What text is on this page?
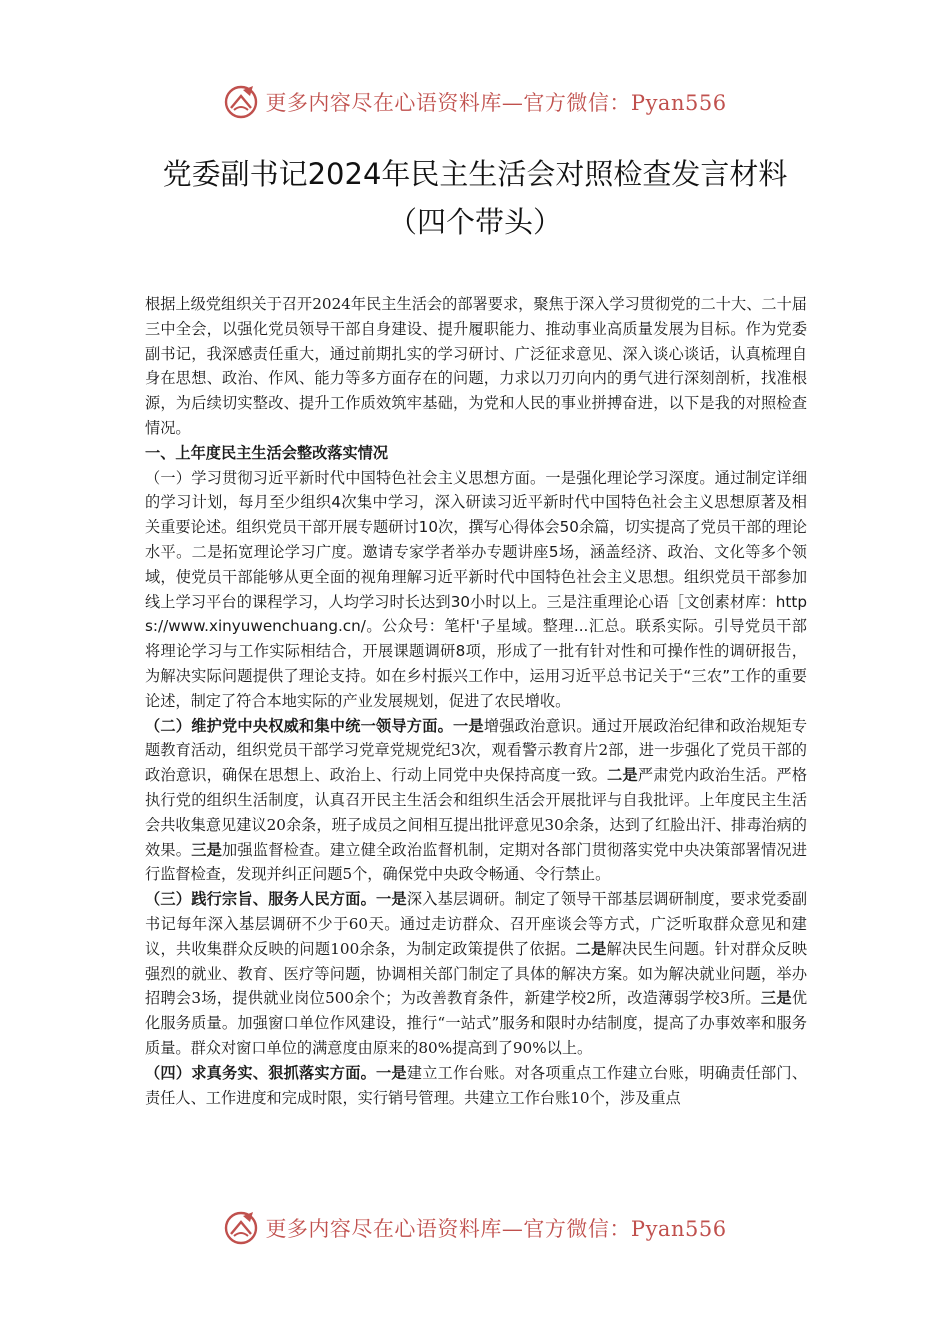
更多内容尽在心语资料库—官方微信：Pyan556
党委副书记2024年民主生活会对照检查发言材料
（四个带头）

根据上级党组织关于召开2024年民主生活会的部署要求，聚焦于深入学习贯彻党的二十大、二十届三中全会，以强化党员领导干部自身建设、提升履职能力、推动事业高质量发展为目标。作为党委副书记，我深感责任重大，通过前期扎实的学习研讨、广泛征求意见、深入谈心谈话，认真梳理自身在思想、政治、作风、能力等多方面存在的问题，力求以刀刃向内的勇气进行深刻剖析，找准根源，为后续切实整改、提升工作质效筑牢基础，为党和人民的事业拼搏奋进，以下是我的对照检查情况。

一、上年度民主生活会整改落实情况

（一）学习贯彻习近平新时代中国特色社会主义思想方面。一是强化理论学习深度。通过制定详细的学习计划，每月至少组织4次集中学习，深入研读习近平新时代中国特色社会主义思想原著及相关重要论述。组织党员干部开展专题研讨10次，撰写心得体会50余篇，切实提高了党员干部的理论水平。二是拓宽理论学习广度。邀请专家学者举办专题讲座5场，涵盖经济、政治、文化等多个领域，使党员干部能够从更全面的视角理解习近平新时代中国特色社会主义思想。组织党员干部参加线上学习平台的课程学习，人均学习时长达到30小时以上。三是注重理论心语［文创素材库：https://www.xinyuwenchuang.cn/。公众号：笔杆'子星域。整理...汇总。联系实际。引导党员干部将理论学习与工作实际相结合，开展课题调研8项，形成了一批有针对性和可操作性的调研报告，为解决实际问题提供了理论支持。如在乡村振兴工作中，运用习近平总书记关于“三农”工作的重要论述，制定了符合本地实际的产业发展规划，促进了农民增收。

（二）维护党中央权威和集中统一领导方面。一是增强政治意识。通过开展政治纪律和政治规矩专题教育活动，组织党员干部学习党章党规党纪3次，观看警示教育片2部，进一步强化了党员干部的政治意识，确保在思想上、政治上、行动上同党中央保持高度一致。二是严肃党内政治生活。严格执行党的组织生活制度，认真召开民主生活会和组织生活会开展批评与自我批评。上年度民主生活会共收集意见建议20余条，班子成员之间相互提出批评意见30余条，达到了红脸出汗、排毒治病的效果。三是加强监督检查。建立健全政治监督机制，定期对各部门贯彻落实党中央决策部署情况进行监督检查，发现并纠正问题5个，确保党中央政令畅通、令行禁止。

（三）践行宗旨、服务人民方面。一是深入基层调研。制定了领导干部基层调研制度，要求党委副书记每年深入基层调研不少于60天。通过走访群众、召开座谈会等方式，广泛听取群众意见和建议，共收集群众反映的问题100余条，为制定政策提供了依据。二是解决民生问题。针对群众反映强烈的就业、教育、医疗等问题，协调相关部门制定了具体的解决方案。如为解决就业问题，举办招聘会3场，提供就业岗位500余个；为改善教育条件，新建学校2所，改造薄弱学校3所。三是优化服务质量。加强窗口单位作风建设，推行“一站式”服务和限时办结制度，提高了办事效率和服务质量。群众对窗口单位的满意度由原来的80%提高到了90%以上。

（四）求真务实、狠抓落实方面。一是建立工作台账。对各项重点工作建立台账，明确责任部门、责任人、工作进度和完成时限，实行销号管理。共建立工作台账10个，涉及重点

更多内容尽在心语资料库—官方微信：Pyan556
